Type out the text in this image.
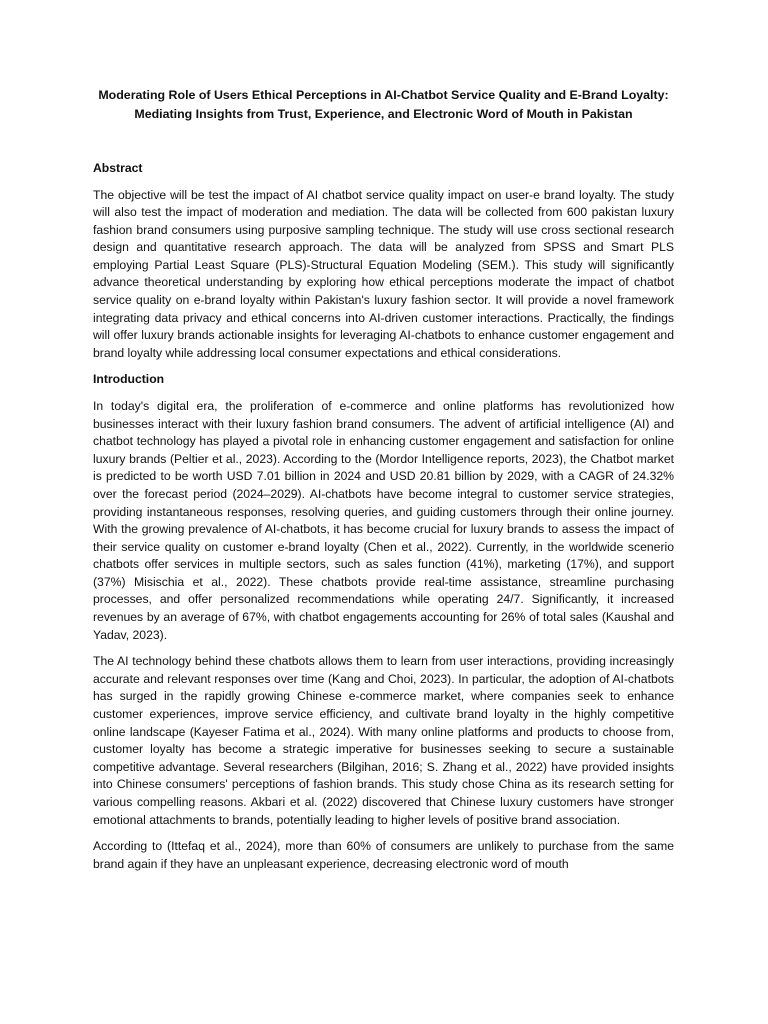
Moderating Role of Users Ethical Perceptions in AI-Chatbot Service Quality and E-Brand Loyalty:
Mediating Insights from Trust, Experience, and Electronic Word of Mouth in Pakistan
Abstract

The objective will be test the impact of AI chatbot service quality impact on user-e brand loyalty. The study will also test the impact of moderation and mediation. The data will be collected from 600 pakistan luxury fashion brand consumers using purposive sampling technique. The study will use cross sectional research design and quantitative research approach. The data will be analyzed from SPSS and Smart PLS employing Partial Least Square (PLS)-Structural Equation Modeling (SEM.). This study will significantly advance theoretical understanding by exploring how ethical perceptions moderate the impact of chatbot service quality on e-brand loyalty within Pakistan's luxury fashion sector. It will provide a novel framework integrating data privacy and ethical concerns into AI-driven customer interactions. Practically, the findings will offer luxury brands actionable insights for leveraging AI-chatbots to enhance customer engagement and brand loyalty while addressing local consumer expectations and ethical considerations.

Introduction

In today's digital era, the proliferation of e-commerce and online platforms has revolutionized how businesses interact with their luxury fashion brand consumers. The advent of artificial intelligence (AI) and chatbot technology has played a pivotal role in enhancing customer engagement and satisfaction for online luxury brands (Peltier et al., 2023). According to the (Mordor Intelligence reports, 2023), the Chatbot market is predicted to be worth USD 7.01 billion in 2024 and USD 20.81 billion by 2029, with a CAGR of 24.32% over the forecast period (2024–2029). AI-chatbots have become integral to customer service strategies, providing instantaneous responses, resolving queries, and guiding customers through their online journey. With the growing prevalence of AI-chatbots, it has become crucial for luxury brands to assess the impact of their service quality on customer e-brand loyalty (Chen et al., 2022). Currently, in the worldwide scenerio chatbots offer services in multiple sectors, such as sales function (41%), marketing (17%), and support (37%) Misischia et al., 2022). These chatbots provide real-time assistance, streamline purchasing processes, and offer personalized recommendations while operating 24/7. Significantly, it increased revenues by an average of 67%, with chatbot engagements accounting for 26% of total sales (Kaushal and Yadav, 2023).

The AI technology behind these chatbots allows them to learn from user interactions, providing increasingly accurate and relevant responses over time (Kang and Choi, 2023). In particular, the adoption of AI-chatbots has surged in the rapidly growing Chinese e-commerce market, where companies seek to enhance customer experiences, improve service efficiency, and cultivate brand loyalty in the highly competitive online landscape (Kayeser Fatima et al., 2024). With many online platforms and products to choose from, customer loyalty has become a strategic imperative for businesses seeking to secure a sustainable competitive advantage. Several researchers (Bilgihan, 2016; S. Zhang et al., 2022) have provided insights into Chinese consumers' perceptions of fashion brands. This study chose China as its research setting for various compelling reasons. Akbari et al. (2022) discovered that Chinese luxury customers have stronger emotional attachments to brands, potentially leading to higher levels of positive brand association.

According to (Ittefaq et al., 2024), more than 60% of consumers are unlikely to purchase from the same brand again if they have an unpleasant experience, decreasing electronic word of mouth
